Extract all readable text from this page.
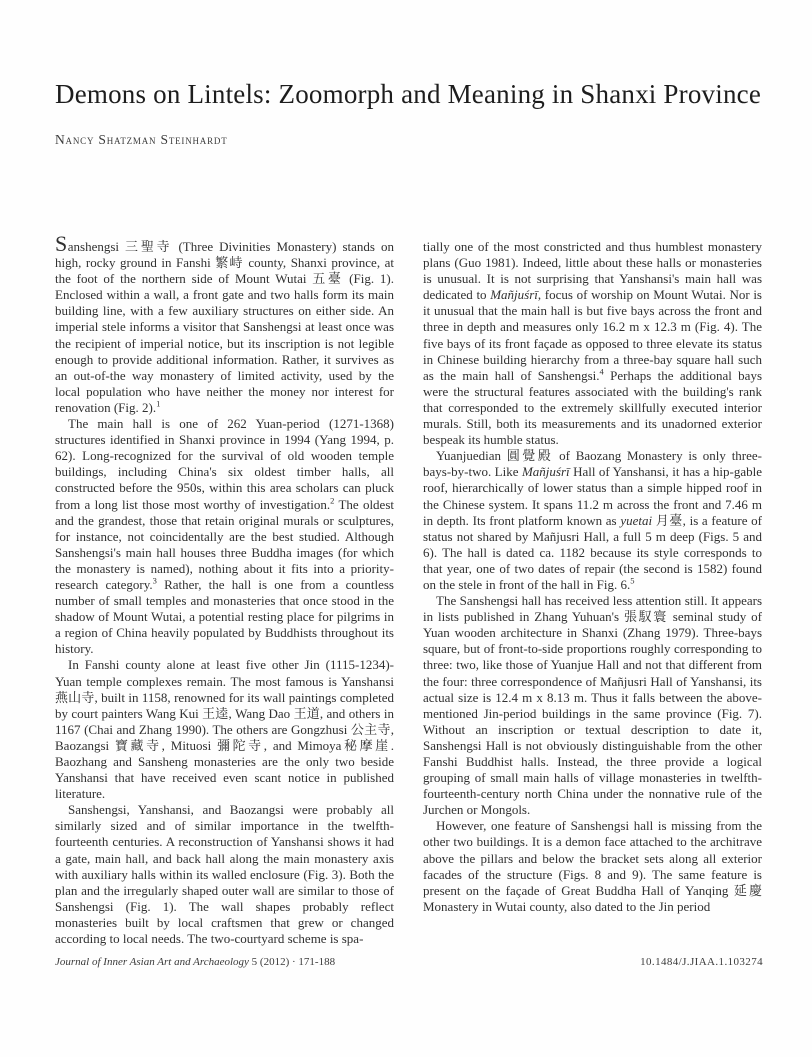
Demons on Lintels: Zoomorph and Meaning in Shanxi Province
Nancy Shatzman Steinhardt

Sanshengsi 三聖寺 (Three Divinities Monastery) stands on high, rocky ground in Fanshi 繁峙 county, Shanxi province, at the foot of the northern side of Mount Wutai 五臺 (Fig. 1). Enclosed within a wall, a front gate and two halls form its main building line, with a few auxiliary structures on either side. An imperial stele informs a visitor that Sanshengsi at least once was the recipient of imperial notice, but its inscription is not legible enough to provide additional information. Rather, it survives as an out-of-the way monastery of limited activity, used by the local population who have neither the money nor interest for renovation (Fig. 2).$^1$

The main hall is one of 262 Yuan-period (1271-1368) structures identified in Shanxi province in 1994 (Yang 1994, p. 62). Long-recognized for the survival of old wooden temple buildings, including China's six oldest timber halls, all constructed before the 950s, within this area scholars can pluck from a long list those most worthy of investigation.$^2$ The oldest and the grandest, those that retain original murals or sculptures, for instance, not coincidentally are the best studied. Although Sanshengsi's main hall houses three Buddha images (for which the monastery is named), nothing about it fits into a priority-research category.$^3$ Rather, the hall is one from a countless number of small temples and monasteries that once stood in the shadow of Mount Wutai, a potential resting place for pilgrims in a region of China heavily populated by Buddhists throughout its history.

In Fanshi county alone at least five other Jin (1115-1234)-Yuan temple complexes remain. The most famous is Yanshansi 燕山寺, built in 1158, renowned for its wall paintings completed by court painters Wang Kui 王逵, Wang Dao 王道, and others in 1167 (Chai and Zhang 1990). The others are Gongzhusi 公主寺, Baozangsi 寶藏寺, Mituosi 彌陀寺, and Mimoya秘摩崖. Baozhang and Sansheng monasteries are the only two beside Yanshansi that have received even scant notice in published literature.

Sanshengsi, Yanshansi, and Baozangsi were probably all similarly sized and of similar importance in the twelfth-fourteenth centuries. A reconstruction of Yanshansi shows it had a gate, main hall, and back hall along the main monastery axis with auxiliary halls within its walled enclosure (Fig. 3). Both the plan and the irregularly shaped outer wall are similar to those of Sanshengsi (Fig. 1). The wall shapes probably reflect monasteries built by local craftsmen that grew or changed according to local needs. The two-courtyard scheme is spa-

tially one of the most constricted and thus humblest monastery plans (Guo 1981). Indeed, little about these halls or monasteries is unusual. It is not surprising that Yanshansi's main hall was dedicated to Mañjuśrī, focus of worship on Mount Wutai. Nor is it unusual that the main hall is but five bays across the front and three in depth and measures only 16.2 m x 12.3 m (Fig. 4). The five bays of its front façade as opposed to three elevate its status in Chinese building hierarchy from a three-bay square hall such as the main hall of Sanshengsi.$^4$ Perhaps the additional bays were the structural features associated with the building's rank that corresponded to the extremely skillfully executed interior murals. Still, both its measurements and its unadorned exterior bespeak its humble status.

Yuanjuedian 圓覺殿 of Baozang Monastery is only three-bays-by-two. Like Mañjuśrī Hall of Yanshansi, it has a hip-gable roof, hierarchically of lower status than a simple hipped roof in the Chinese system. It spans 11.2 m across the front and 7.46 m in depth. Its front platform known as yuetai 月臺, is a feature of status not shared by Mañjusri Hall, a full 5 m deep (Figs. 5 and 6). The hall is dated ca. 1182 because its style corresponds to that year, one of two dates of repair (the second is 1582) found on the stele in front of the hall in Fig. 6.$^5$

The Sanshengsi hall has received less attention still. It appears in lists published in Zhang Yuhuan's 張馭寰 seminal study of Yuan wooden architecture in Shanxi (Zhang 1979). Three-bays square, but of front-to-side proportions roughly corresponding to three: two, like those of Yuanjue Hall and not that different from the four: three correspondence of Mañjusri Hall of Yanshansi, its actual size is 12.4 m x 8.13 m. Thus it falls between the above-mentioned Jin-period buildings in the same province (Fig. 7). Without an inscription or textual description to date it, Sanshengsi Hall is not obviously distinguishable from the other Fanshi Buddhist halls. Instead, the three provide a logical grouping of small main halls of village monasteries in twelfth-fourteenth-century north China under the nonnative rule of the Jurchen or Mongols.

However, one feature of Sanshengsi hall is missing from the other two buildings. It is a demon face attached to the architrave above the pillars and below the bracket sets along all exterior facades of the structure (Figs. 8 and 9). The same feature is present on the façade of Great Buddha Hall of Yanqing 延慶 Monastery in Wutai county, also dated to the Jin period

Journal of Inner Asian Art and Archaeology 5 (2012) · 171-188	10.1484/J.JIAA.1.103274
